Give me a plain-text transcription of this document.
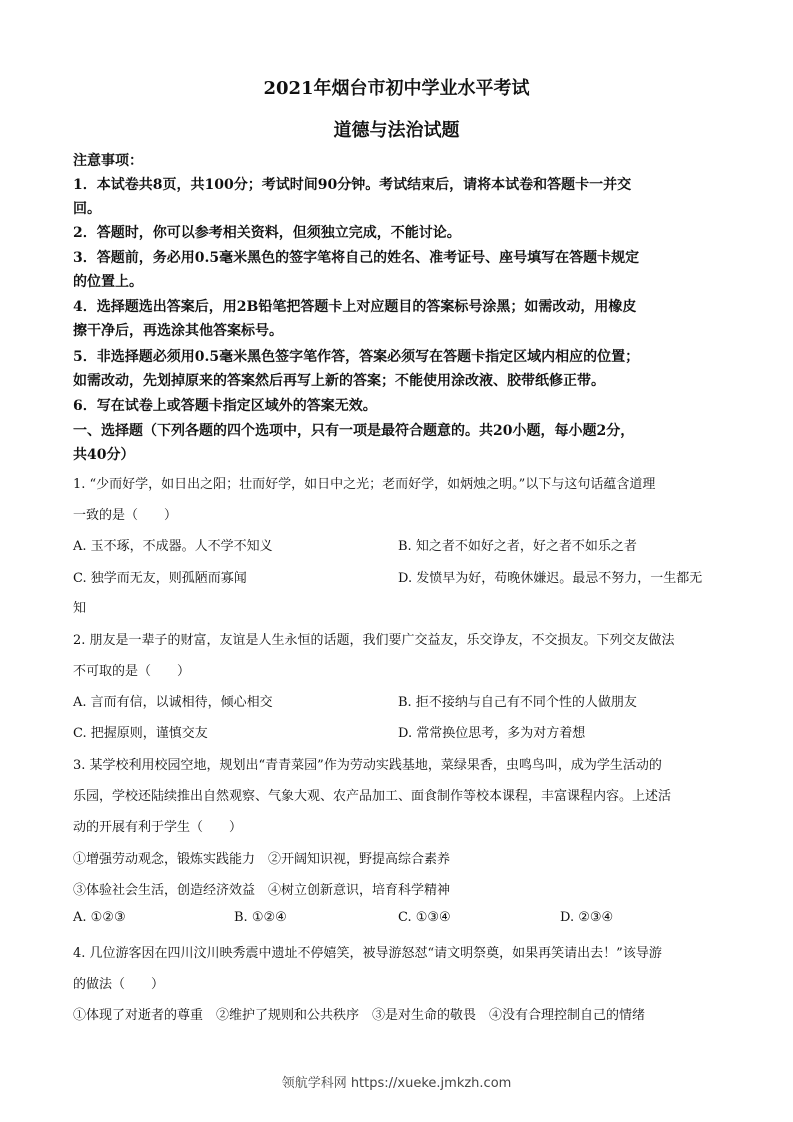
2021年烟台市初中学业水平考试
道德与法治试题
注意事项：
1．本试卷共8页，共100分；考试时间90分钟。考试结束后，请将本试卷和答题卡一并交
回。
2．答题时，你可以参考相关资料，但须独立完成，不能讨论。
3．答题前，务必用0.5毫米黑色的签字笔将自己的姓名、准考证号、座号填写在答题卡规定
的位置上。
4．选择题选出答案后，用2B铅笔把答题卡上对应题目的答案标号涂黑；如需改动，用橡皮
擦干净后，再选涂其他答案标号。
5．非选择题必须用0.5毫米黑色签字笔作答，答案必须写在答题卡指定区域内相应的位置；
如需改动，先划掉原来的答案然后再写上新的答案；不能使用涂改液、胶带纸修正带。
6．写在试卷上或答题卡指定区域外的答案无效。
一、选择题（下列各题的四个选项中，只有一项是最符合题意的。共20小题，每小题2分，
共40分）
1. “少而好学，如日出之阳；壮而好学，如日中之光；老而好学，如炳烛之明。”以下与这句话蕴含道理
一致的是（　　）
A. 玉不琢，不成器。人不学不知义	B. 知之者不如好之者，好之者不如乐之者
C. 独学而无友，则孤陋而寡闻	D. 发愤早为好，苟晚休嫌迟。最忌不努力，一生都无
知
2. 朋友是一辈子的财富，友谊是人生永恒的话题，我们要广交益友，乐交诤友，不交损友。下列交友做法
不可取的是（　　）
A. 言而有信，以诚相待，倾心相交	B. 拒不接纳与自己有不同个性的人做朋友
C. 把握原则，谨慎交友	D. 常常换位思考，多为对方着想
3. 某学校利用校园空地，规划出“青青菜园”作为劳动实践基地，菜绿果香，虫鸣鸟叫，成为学生活动的
乐园，学校还陆续推出自然观察、气象大观、农产品加工、面食制作等校本课程，丰富课程内容。上述活
动的开展有利于学生（　　）
①增强劳动观念，锻炼实践能力　②开阔知识视，野提高综合素养
③体验社会生活，创造经济效益　④树立创新意识，培育科学精神
A. ①②③	B. ①②④	C. ①③④	D. ②③④
4. 几位游客因在四川汶川映秀震中遗址不停嬉笑，被导游怒怼“请文明祭奠，如果再笑请出去！”该导游
的做法（　　）
①体现了对逝者的尊重　②维护了规则和公共秩序　③是对生命的敬畏　④没有合理控制自己的情绪
领航学科网 https://xueke.jmkzh.com
